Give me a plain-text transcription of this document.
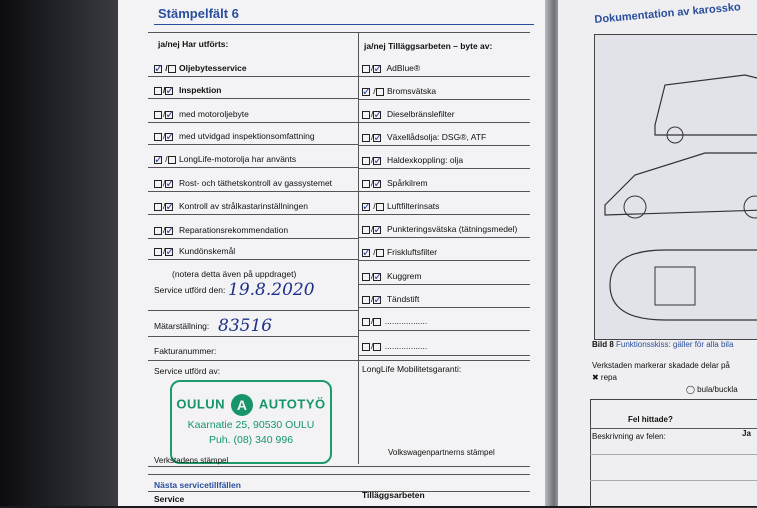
Stämpelfält 6
ja/nej Har utförts:	ja/nej Tilläggsarbeten – byte av:
✓ / Oljebytesservice
/✓ Inspektion
/✓ med motoroljebyte
/✓ med utvidgad inspektionsomfattning
✓ / LongLife-motorolja har använts
/✓ Rost- och täthetskontroll av gassystemet
/✓ Kontroll av strålkastarinställningen
/✓ Reparationsrekommendation
/✓ Kundönskemål
/✓ AdBlue®
✓ / Bromsvätska
/✓ Dieselbränslefilter
/✓ Växellådsolja: DSG®, ATF
/✓ Haldexkoppling: olja
/✓ Spårkilrem
✓ / Luftfilterinsats
/✓ Punkteringsvätska (tätningsmedel)
✓ / Friskluftsfilter
/✓ Kuggrem
/✓ Tändstift
/ ..................
/ ..................
(notera detta även på uppdraget)
Service utförd den: 19.8.2020
Mätarställning: 83516
Fakturanummer:
Service utförd av:	LongLife Mobilitetsgaranti:
OULUN A AUTOTYÖ
Kaarnatie 25, 90530 OULU
Puh. (08) 340 996
Verkstadens stämpel
Volkswagenpartnerns stämpel
Nästa servicetillfällen
Service	Tilläggsarbeten
Dokumentation av karossko
Bild 8 Funktionsskiss: gäller för alla bila
Verkstaden markerar skadade delar på
✖ repa
◯ bula/buckla
Fel hittade?
Ja
Beskrivning av felen:
